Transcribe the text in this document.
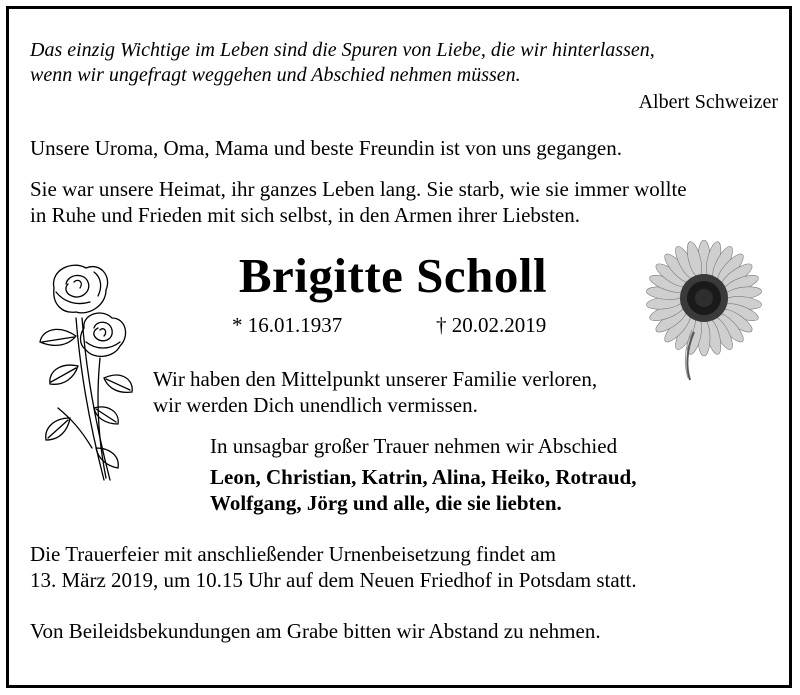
Das einzig Wichtige im Leben sind die Spuren von Liebe, die wir hinterlassen,
wenn wir ungefragt weggehen und Abschied nehmen müssen.
Albert Schweizer
Unsere Uroma, Oma, Mama und beste Freundin ist von uns gegangen.
Sie war unsere Heimat, ihr ganzes Leben lang. Sie starb, wie sie immer wollte
in Ruhe und Frieden mit sich selbst, in den Armen ihrer Liebsten.
Brigitte Scholl
* 16.01.1937	† 20.02.2019
Wir haben den Mittelpunkt unserer Familie verloren,
wir werden Dich unendlich vermissen.
In unsagbar großer Trauer nehmen wir Abschied
Leon, Christian, Katrin, Alina, Heiko, Rotraud,
Wolfgang, Jörg und alle, die sie liebten.
Die Trauerfeier mit anschließender Urnenbeisetzung findet am
13. März 2019, um 10.15 Uhr auf dem Neuen Friedhof in Potsdam statt.
Von Beileidsbekundungen am Grabe bitten wir Abstand zu nehmen.
